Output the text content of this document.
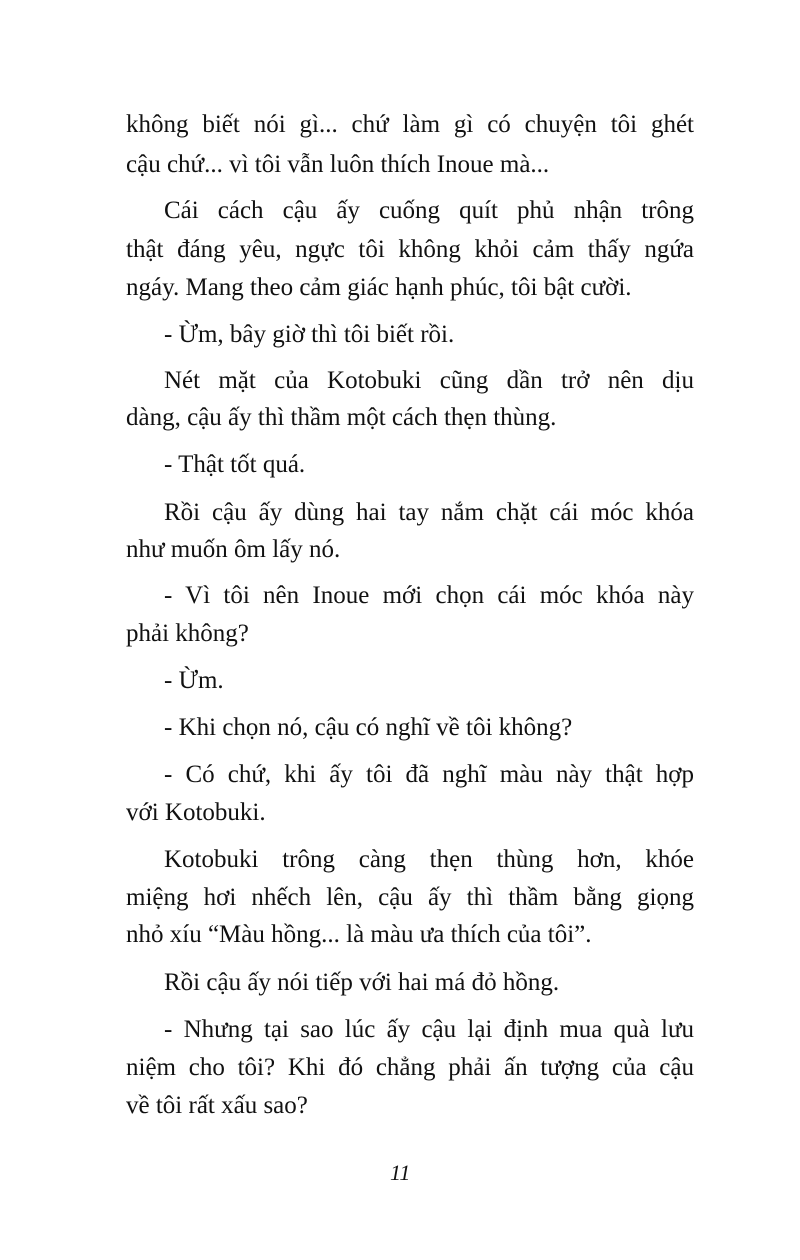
không biết nói gì... chứ làm gì có chuyện tôi ghét
cậu chứ... vì tôi vẫn luôn thích Inoue mà...
Cái cách cậu ấy cuống quít phủ nhận trông
thật đáng yêu, ngực tôi không khỏi cảm thấy ngứa
ngáy. Mang theo cảm giác hạnh phúc, tôi bật cười.
- Ừm, bây giờ thì tôi biết rồi.
Nét mặt của Kotobuki cũng dần trở nên dịu
dàng, cậu ấy thì thầm một cách thẹn thùng.
- Thật tốt quá.
Rồi cậu ấy dùng hai tay nắm chặt cái móc khóa
như muốn ôm lấy nó.
- Vì tôi nên Inoue mới chọn cái móc khóa này
phải không?
- Ừm.
- Khi chọn nó, cậu có nghĩ về tôi không?
- Có chứ, khi ấy tôi đã nghĩ màu này thật hợp
với Kotobuki.
Kotobuki trông càng thẹn thùng hơn, khóe
miệng hơi nhếch lên, cậu ấy thì thầm bằng giọng
nhỏ xíu “Màu hồng... là màu ưa thích của tôi”.
Rồi cậu ấy nói tiếp với hai má đỏ hồng.
- Nhưng tại sao lúc ấy cậu lại định mua quà lưu
niệm cho tôi? Khi đó chẳng phải ấn tượng của cậu
về tôi rất xấu sao?
11
